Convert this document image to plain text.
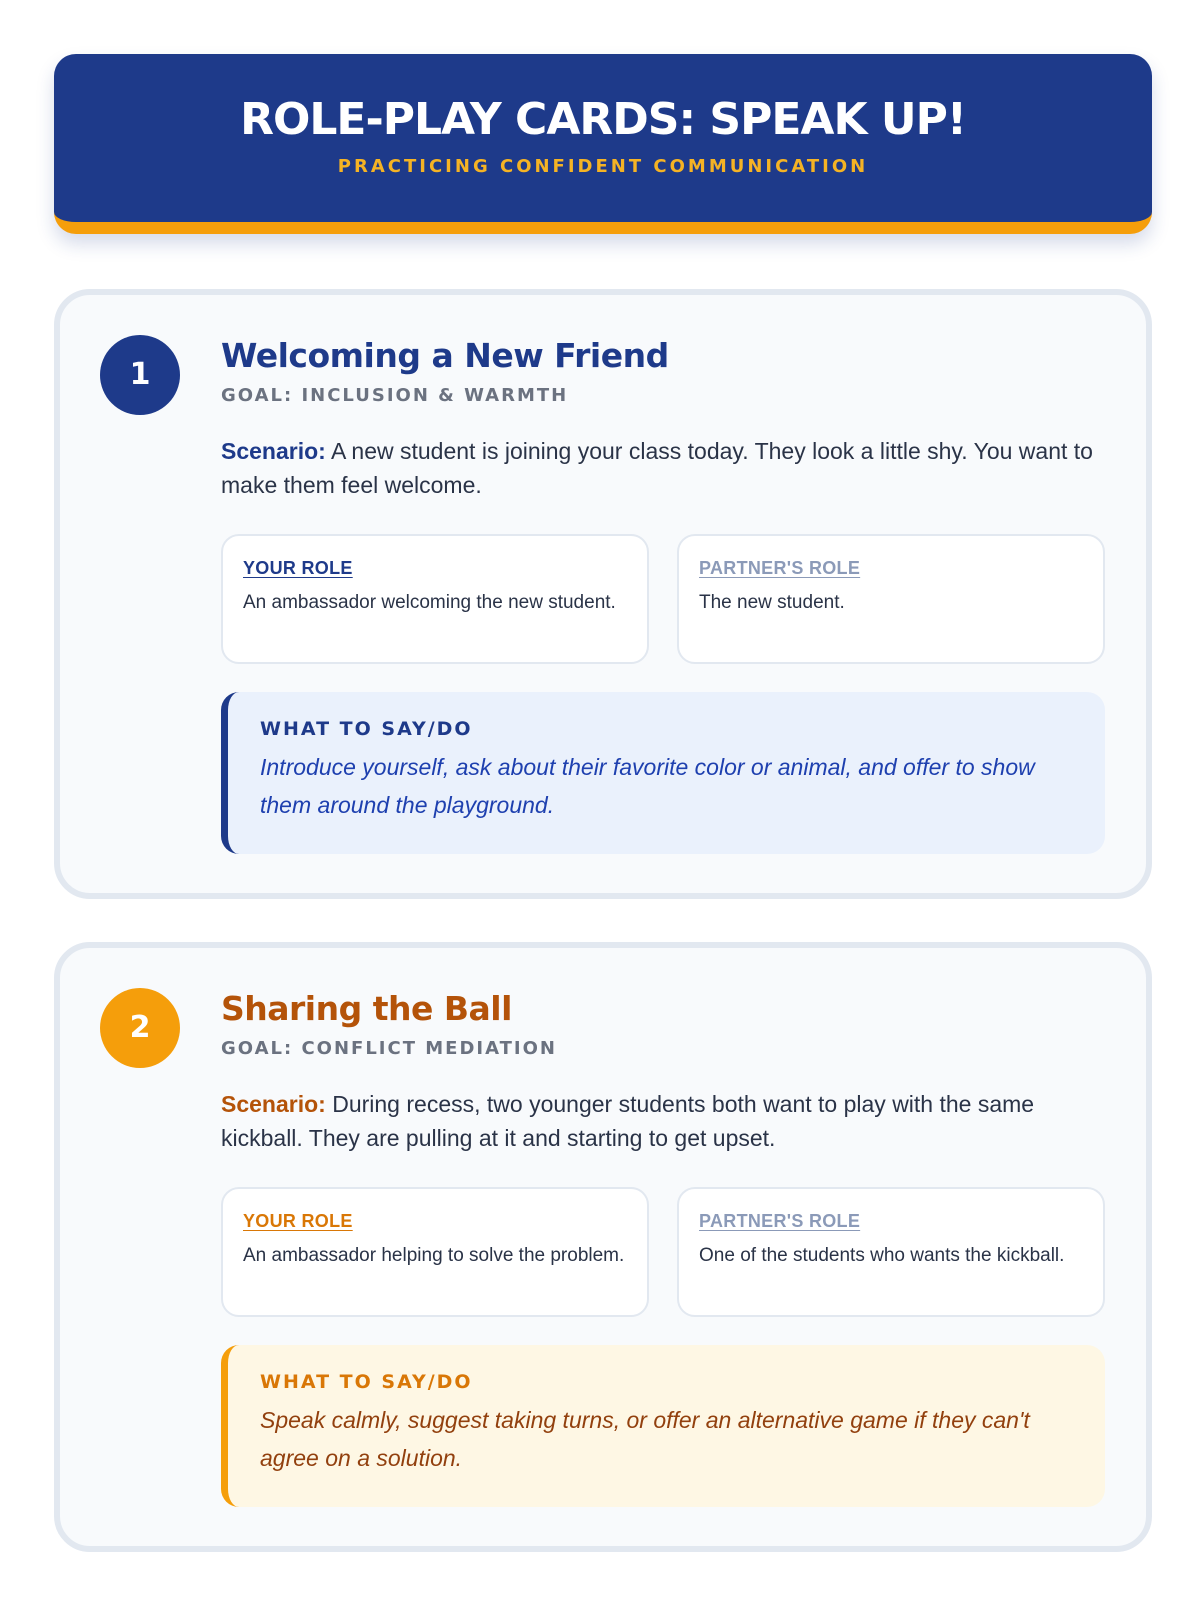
ROLE-PLAY CARDS: SPEAK UP!
PRACTICING CONFIDENT COMMUNICATION
1	Welcoming a New Friend
GOAL: INCLUSION & WARMTH
Scenario: A new student is joining your class today. They look a little shy. You want to make them feel welcome.
YOUR ROLE
An ambassador welcoming the new student.
PARTNER'S ROLE
The new student.
WHAT TO SAY/DO
Introduce yourself, ask about their favorite color or animal, and offer to show them around the playground.
2	Sharing the Ball
GOAL: CONFLICT MEDIATION
Scenario: During recess, two younger students both want to play with the same kickball. They are pulling at it and starting to get upset.
YOUR ROLE
An ambassador helping to solve the problem.
PARTNER'S ROLE
One of the students who wants the kickball.
WHAT TO SAY/DO
Speak calmly, suggest taking turns, or offer an alternative game if they can't agree on a solution.
